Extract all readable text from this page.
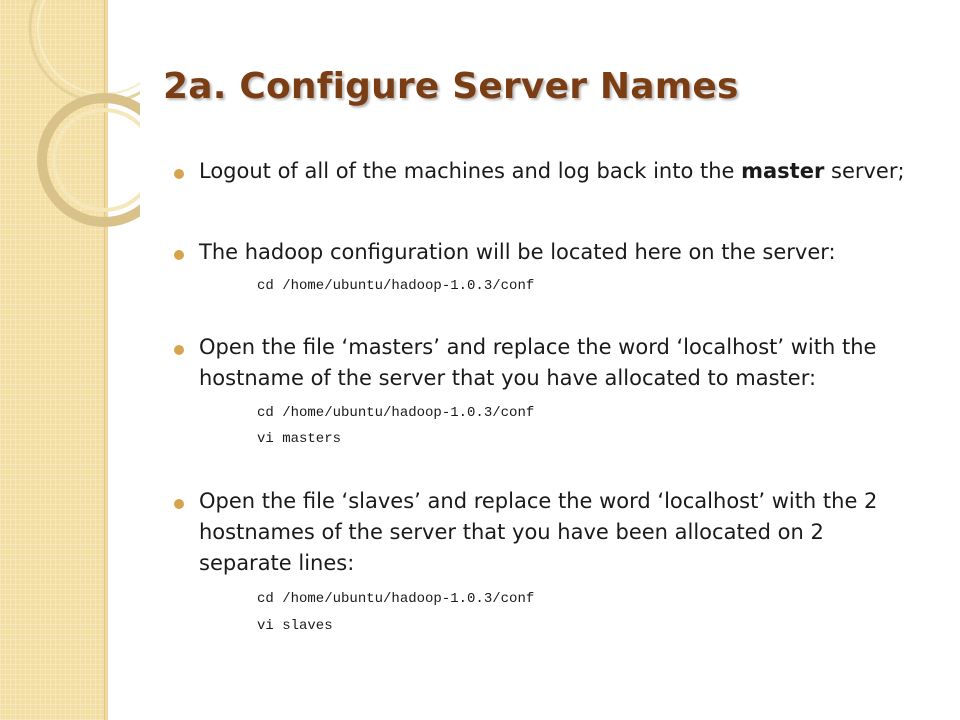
2a. Configure Server Names

Logout of all of the machines and log back into the master server;

The hadoop configuration will be located here on the server:

cd /home/ubuntu/hadoop-1.0.3/conf

Open the file ‘masters’ and replace the word ‘localhost’ with the hostname of the server that you have allocated to master:

cd /home/ubuntu/hadoop-1.0.3/conf

vi masters

Open the file ‘slaves’ and replace the word ‘localhost’ with the 2 hostnames of the server that you have been allocated on 2 separate lines:

cd /home/ubuntu/hadoop-1.0.3/conf

vi slaves
